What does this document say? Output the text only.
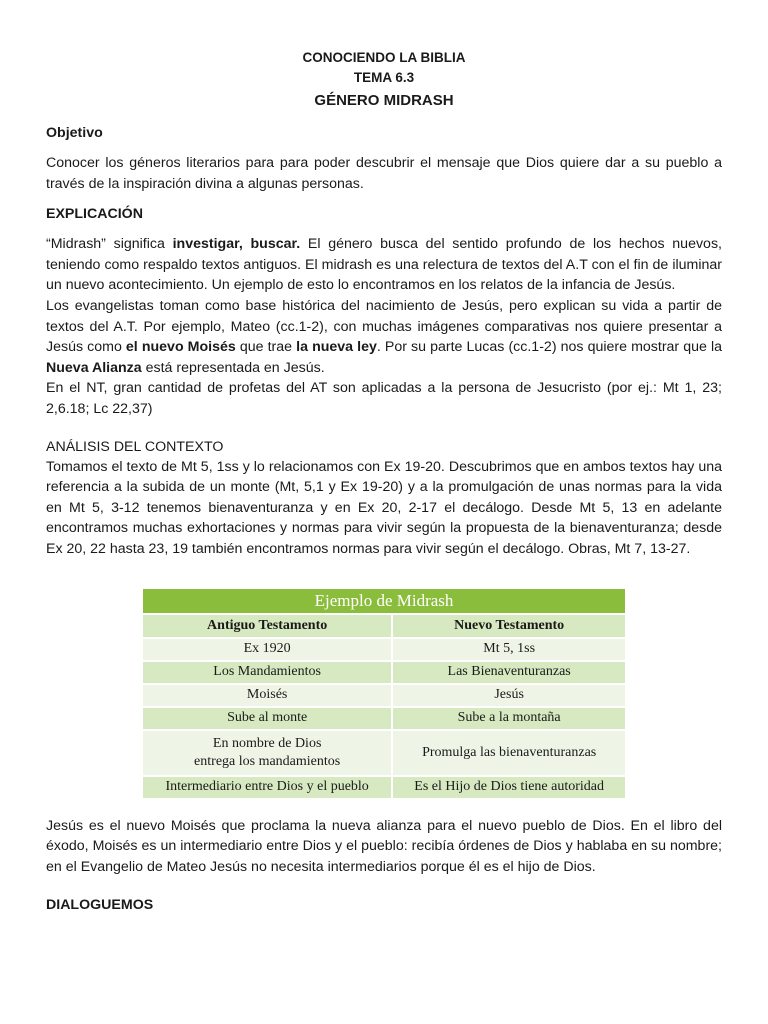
CONOCIENDO LA BIBLIA
TEMA 6.3
GÉNERO MIDRASH
Objetivo

Conocer los géneros literarios para para poder descubrir el mensaje que Dios quiere dar a su pueblo a través de la inspiración divina a algunas personas.

EXPLICACIÓN

“Midrash” significa investigar, buscar. El género busca del sentido profundo de los hechos nuevos, teniendo como respaldo textos antiguos. El midrash es una relectura de textos del A.T con el fin de iluminar un nuevo acontecimiento. Un ejemplo de esto lo encontramos en los relatos de la infancia de Jesús.

Los evangelistas toman como base histórica del nacimiento de Jesús, pero explican su vida a partir de textos del A.T. Por ejemplo, Mateo (cc.1-2), con muchas imágenes comparativas nos quiere presentar a Jesús como el nuevo Moisés que trae la nueva ley. Por su parte Lucas (cc.1-2) nos quiere mostrar que la Nueva Alianza está representada en Jesús.

En el NT, gran cantidad de profetas del AT son aplicadas a la persona de Jesucristo (por ej.: Mt 1, 23; 2,6.18; Lc 22,37)

ANÁLISIS DEL CONTEXTO

Tomamos el texto de Mt 5, 1ss y lo relacionamos con Ex 19-20. Descubrimos que en ambos textos hay una referencia a la subida de un monte (Mt, 5,1 y Ex 19-20) y a la promulgación de unas normas para la vida en Mt 5, 3-12 tenemos bienaventuranza y en Ex 20, 2-17 el decálogo. Desde Mt 5, 13 en adelante encontramos muchas exhortaciones y normas para vivir según la propuesta de la bienaventuranza; desde Ex 20, 22 hasta 23, 19 también encontramos normas para vivir según el decálogo. Obras, Mt 7, 13-27.

Ejemplo de Midrash	
Antiguo Testamento	Nuevo Testamento
Ex 1920	Mt 5, 1ss
Los Mandamientos	Las Bienaventuranzas
Moisés	Jesús
Sube al monte	Sube a la montaña
En nombre de Dios
entrega los mandamientos	Promulga las bienaventuranzas
Intermediario entre Dios y el pueblo	Es el Hijo de Dios tiene autoridad

Jesús es el nuevo Moisés que proclama la nueva alianza para el nuevo pueblo de Dios. En el libro del éxodo, Moisés es un intermediario entre Dios y el pueblo: recibía órdenes de Dios y hablaba en su nombre; en el Evangelio de Mateo Jesús no necesita intermediarios porque él es el hijo de Dios.

DIALOGUEMOS
